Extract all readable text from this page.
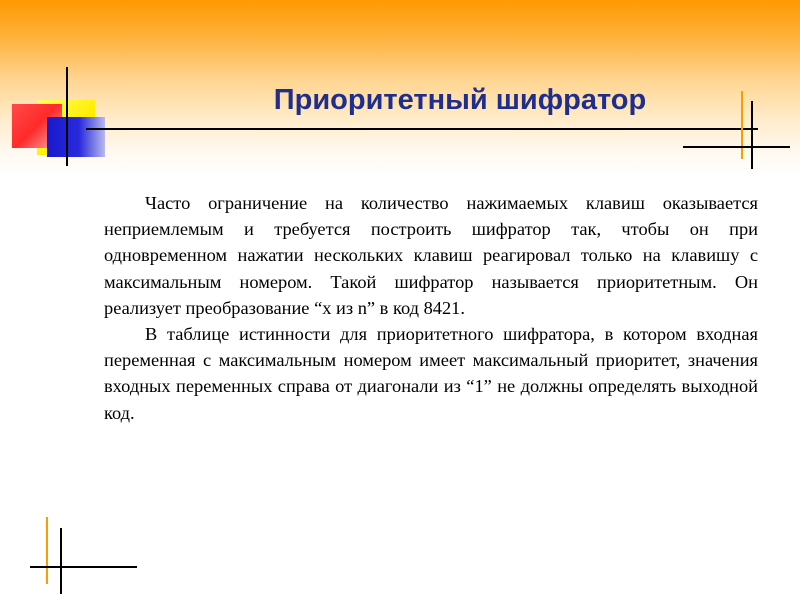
Приоритетный шифратор

Часто ограничение на количество нажимаемых клавиш оказывается неприемлемым и требуется построить шифратор так, чтобы он при одновременном нажатии нескольких клавиш реагировал только на клавишу с максимальным номером. Такой шифратор называется приоритетным. Он реализует преобразование “x из n” в код 8421.

В таблице истинности для приоритетного шифратора, в котором входная переменная с максимальным номером имеет максимальный приоритет, значения входных переменных справа от диагонали из “1” не должны определять выходной код.
